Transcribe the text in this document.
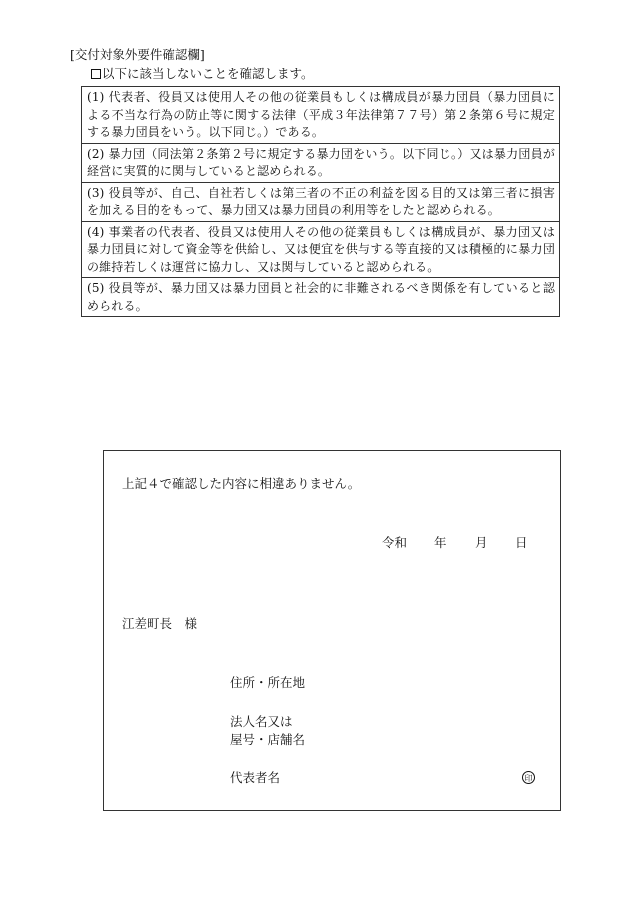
[交付対象外要件確認欄]
以下に該当しないことを確認します。
(1) 代表者、役員又は使用人その他の従業員もしくは構成員が暴力団員（暴力団員による不当な行為の防止等に関する法律（平成３年法律第７７号）第２条第６号に規定する暴力団員をいう。以下同じ。）である。
(2) 暴力団（同法第２条第２号に規定する暴力団をいう。以下同じ。）又は暴力団員が経営に実質的に関与していると認められる。
(3) 役員等が、自己、自社若しくは第三者の不正の利益を図る目的又は第三者に損害を加える目的をもって、暴力団又は暴力団員の利用等をしたと認められる。
(4) 事業者の代表者、役員又は使用人その他の従業員もしくは構成員が、暴力団又は暴力団員に対して資金等を供給し、又は便宜を供与する等直接的又は積極的に暴力団の維持若しくは運営に協力し、又は関与していると認められる。
(5) 役員等が、暴力団又は暴力団員と社会的に非難されるべき関係を有していると認められる。
上記４で確認した内容に相違ありません。
令和 年 月 日
江差町長　様
住所・所在地
法人名又は
屋号・店舗名
代表者名	印
